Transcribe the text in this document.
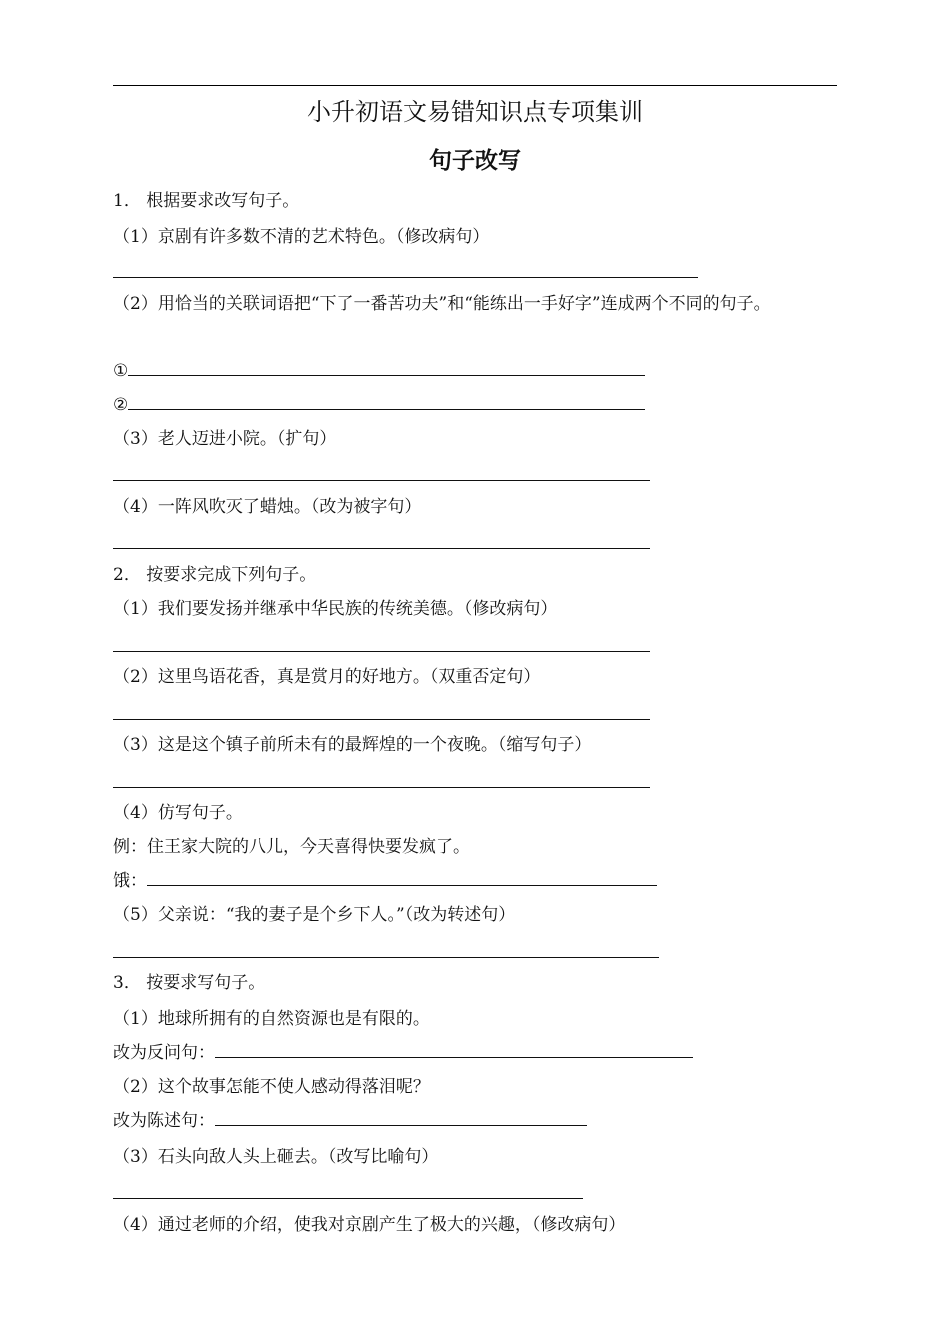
小升初语文易错知识点专项集训
句子改写
1． 根据要求改写句子。
（1）京剧有许多数不清的艺术特色。（修改病句）
（2）用恰当的关联词语把“下了一番苦功夫”和“能练出一手好字”连成两个不同的句子。
①
②
（3）老人迈进小院。（扩句）
（4）一阵风吹灭了蜡烛。（改为被字句）
2． 按要求完成下列句子。
（1）我们要发扬并继承中华民族的传统美德。（修改病句）
（2）这里鸟语花香，真是赏月的好地方。（双重否定句）
（3）这是这个镇子前所未有的最辉煌的一个夜晚。（缩写句子）
（4）仿写句子。
例：住王家大院的八儿，今天喜得快要发疯了。
饿：
（5）父亲说：“我的妻子是个乡下人。”（改为转述句）
3． 按要求写句子。
（1）地球所拥有的自然资源也是有限的。
改为反问句：
（2）这个故事怎能不使人感动得落泪呢？
改为陈述句：
（3）石头向敌人头上砸去。（改写比喻句）
（4）通过老师的介绍，使我对京剧产生了极大的兴趣，（修改病句）
